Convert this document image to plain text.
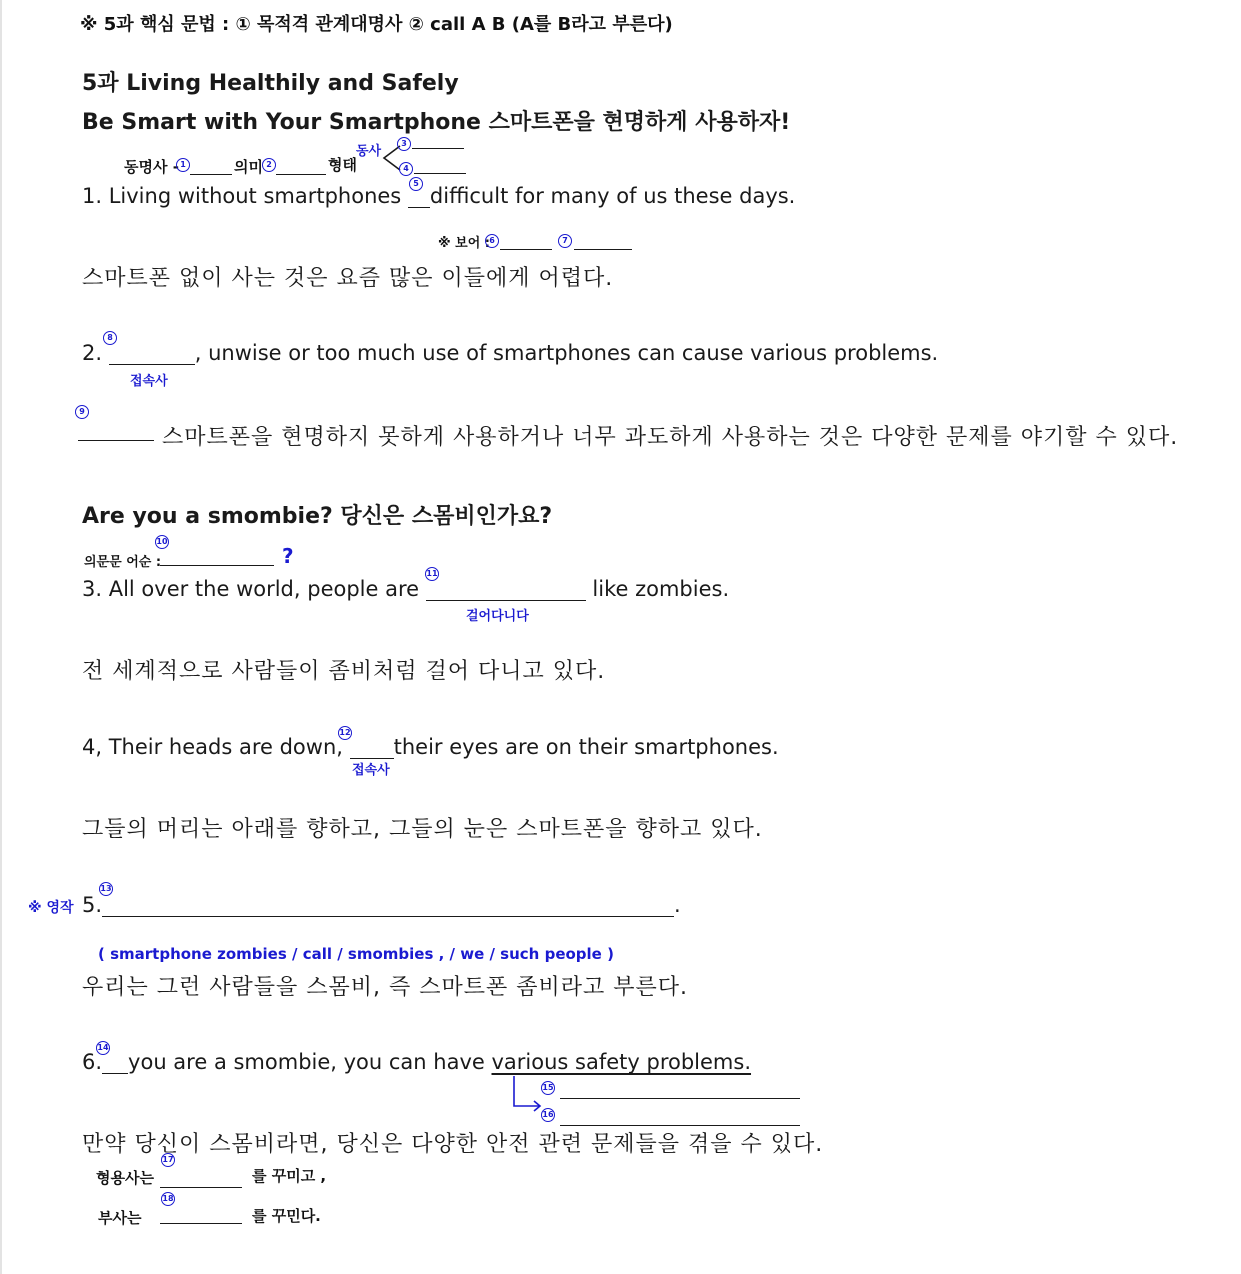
※ 5과 핵심 문법 : ① 목적격 관계대명사 ② call A B (A를 B라고 부른다)
5과 Living Healthily and Safely
Be Smart with Your Smartphone 스마트폰을 현명하게 사용하자!
동명사 - 1	의미 2	형태
동사
3
4
5
1. Living without smartphones difficult for many of us these days.
※ 보어 : 6	7
스마트폰 없이 사는 것은 요즘 많은 이들에게 어렵다.
8
2.	, unwise or too much use of smartphones can cause various problems.
접속사
9
스마트폰을 현명하지 못하게 사용하거나 너무 과도하게 사용하는 것은 다양한 문제를 야기할 수 있다.
Are you a smombie? 당신은 스몸비인가요?
의문문 어순 :
10
?
11
3. All over the world, people are	like zombies.
걸어다니다
전 세계적으로 사람들이 좀비처럼 걸어 다니고 있다.
12
4, Their heads are down, their eyes are on their smartphones.
접속사
그들의 머리는 아래를 향하고, 그들의 눈은 스마트폰을 향하고 있다.
※ 영작
13
5.	.
( smartphone zombies / call / smombies , / we / such people )
우리는 그런 사람들을 스몸비, 즉 스마트폰 좀비라고 부른다.
14
6. you are a smombie, you can have various safety problems.
15
16
만약 당신이 스몸비라면, 당신은 다양한 안전 관련 문제들을 겪을 수 있다.
형용사는
17
를 꾸미고 ,
부사는
18
를 꾸민다.
